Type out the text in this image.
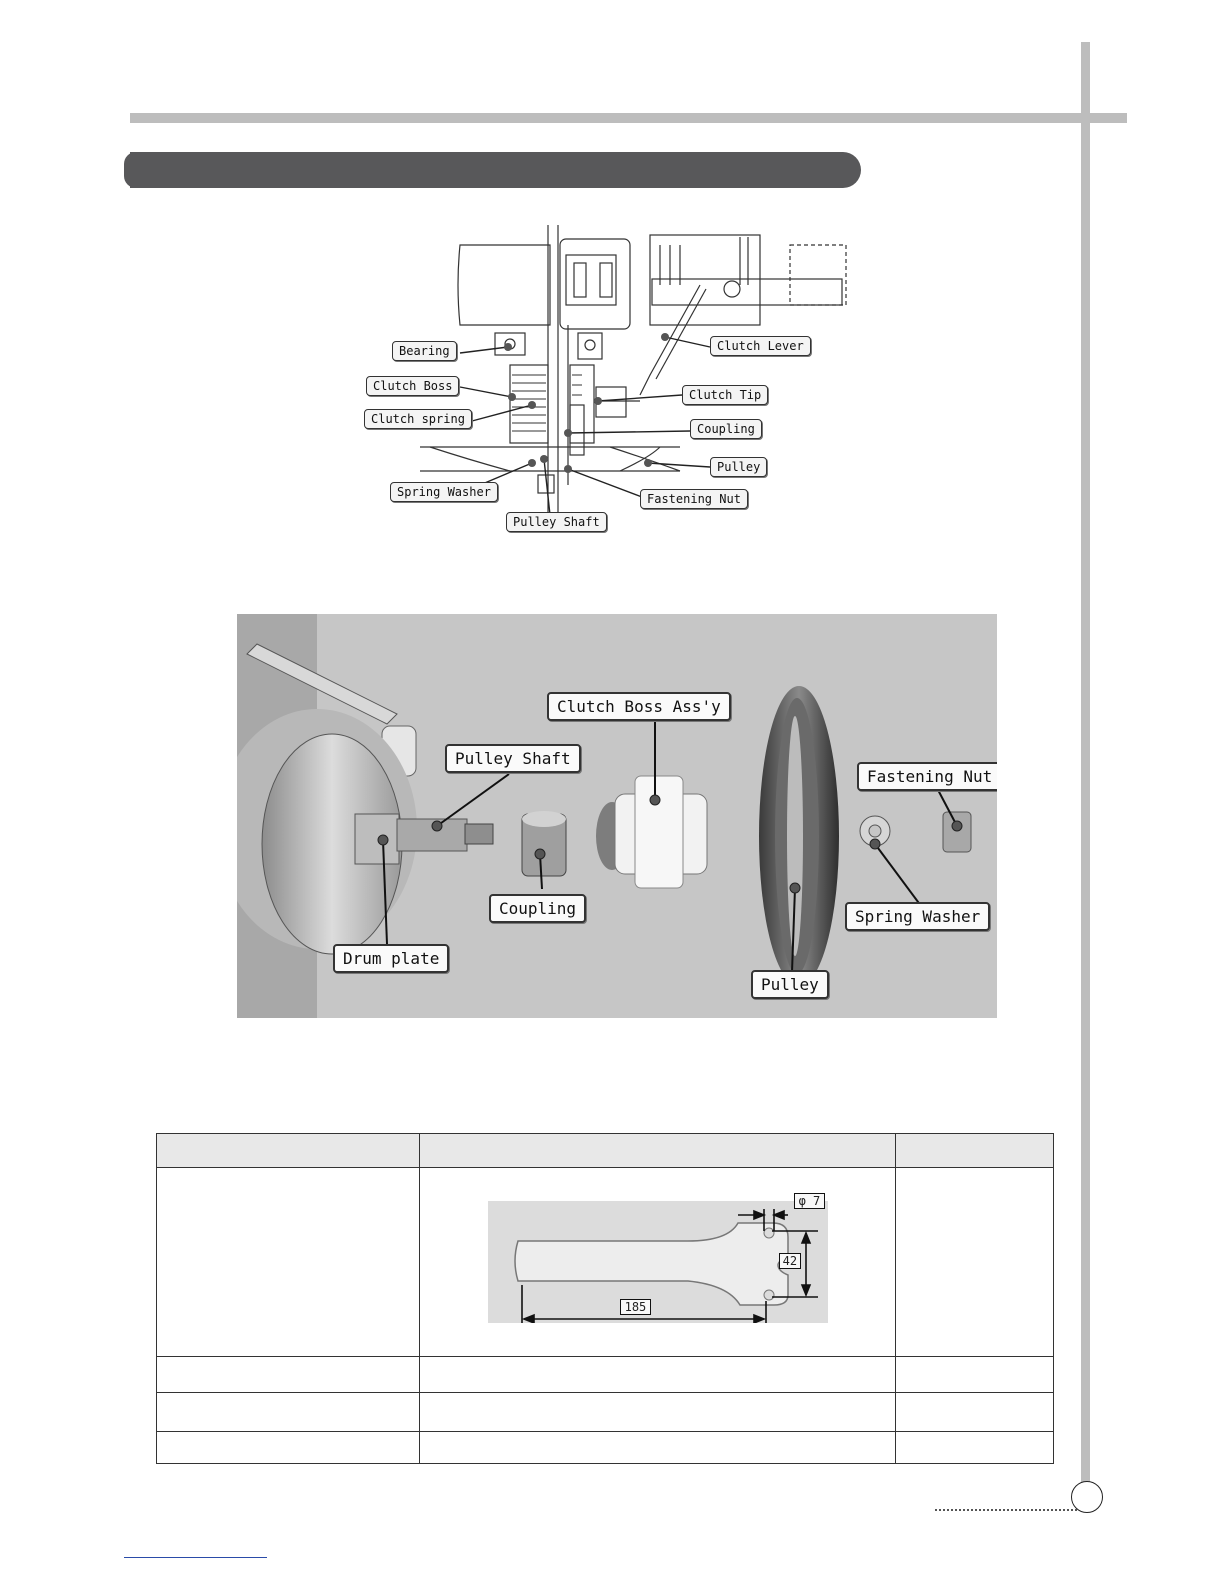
Bearing
Clutch Boss
Clutch spring
Spring Washer
Pulley Shaft
Clutch Lever
Clutch Tip
Coupling
Pulley
Fastening Nut
Clutch Boss Ass'y
Pulley Shaft
Fastening Nut
Coupling	Spring Washer
Drum plate
Pulley

	φ 7
42
185	
